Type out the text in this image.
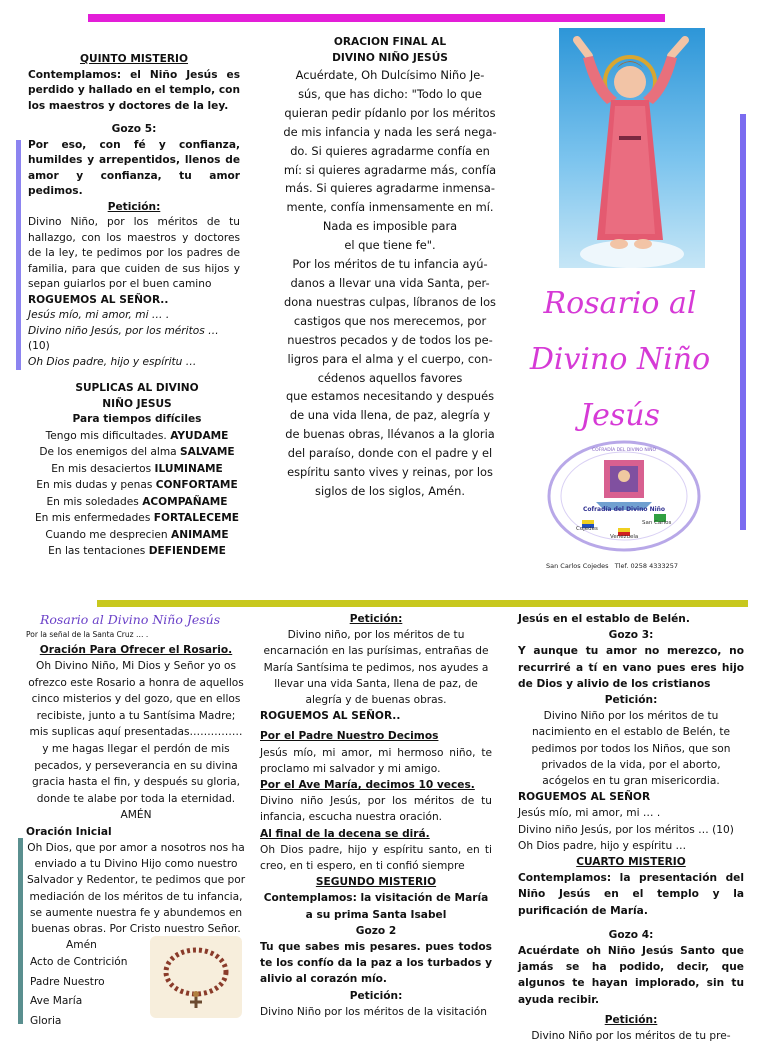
QUINTO MISTERIO
Contemplamos: el Niño Jesús es perdido y hallado en el templo, con los maestros y doctores de la ley.
Gozo 5:
Por eso, con fé y confianza, humildes y arrepentidos, llenos de amor y confianza, tu amor pedimos.
Petición:
Divino Niño, por los méritos de tu hallazgo, con los maestros y doctores de la ley, te pedimos por los padres de familia, para que cuiden de sus hijos y sepan guiarlos por el buen camino
ROGUEMOS AL SEÑOR..
Jesús mío, mi amor, mi … .
Divino niño Jesús, por los méritos …
(10)
Oh Dios padre, hijo y espíritu …
SUPLICAS AL DIVINO
NIÑO JESUS
Para tiempos difíciles
Tengo mis dificultades. AYUDAME
De los enemigos del alma SALVAME
En mis desaciertos ILUMINAME
En mis dudas y penas CONFORTAME
En mis soledades ACOMPAÑAME
En mis enfermedades FORTALECEME
Cuando me desprecien ANIMAME
En las tentaciones DEFIENDEME
ORACION FINAL AL
DIVINO NIÑO JESÚS
Acuérdate, Oh Dulcísimo Niño Je-
sús, que has dicho: "Todo lo que
quieran pedir pídanlo por los méritos
de mis infancia y nada les será nega-
do. Si quieres agradarme confía en
mí: si quieres agradarme más, confía
más. Si quieres agradarme inmensa-
mente, confía inmensamente en mí.
Nada es imposible para
el que tiene fe".
Por los méritos de tu infancia ayú-
danos a llevar una vida Santa, per-
dona nuestras culpas, líbranos de los
castigos que nos merecemos, por
nuestros pecados y de todos los pe-
ligros para el alma y el cuerpo, con-
cédenos aquellos favores
que estamos necesitando y después
de una vida llena, de paz, alegría y
de buenas obras, llévanos a la gloria
del paraíso, donde con el padre y el
espíritu santo vives y reinas, por los
siglos de los siglos, Amén.
Rosario al
Divino Niño
Jesús
COFRADÍA DEL DIVINO NIÑO
Cofradía del Divino Niño
Cojedes
San Carlos
Venezuela
San Carlos Cojedes   Tlef. 0258 4333257
Rosario al Divino Niño Jesús
Por la señal de la Santa Cruz … .
Oración Para Ofrecer el Rosario.
Oh Divino Niño, Mi Dios y Señor yo os ofrezco este Rosario a honra de aquellos cinco misterios y del gozo, que en ellos recibiste, junto a tu Santísima Madre; mis suplicas aquí presentadas…………… y me hagas llegar el perdón de mis pecados, y perseverancia en su divina gracia hasta el fin, y después su gloria, donde te alabe por toda la eternidad. AMÉN
Oración Inicial
Oh Dios, que por amor a nosotros nos ha enviado a tu Divino Hijo como nuestro Salvador y Redentor, te pedimos que por mediación de los méritos de tu infancia, se aumente nuestra fe y abundemos en buenas obras. Por Cristo nuestro Señor.
Amén
Acto de Contrición
Padre Nuestro
Ave María
Gloria
Petición:
Divino niño, por los méritos de tu encarnación en las purísimas, entrañas de María Santísima te pedimos, nos ayudes a llevar una vida Santa, llena de paz, de alegría y de buenas obras.
ROGUEMOS AL SEÑOR..
Por el Padre Nuestro Decimos
Jesús mío, mi amor, mi hermoso niño, te proclamo mi salvador y mi amigo.
Por el Ave María, decimos 10 veces.
Divino niño Jesús, por los méritos de tu infancia, escucha nuestra oración.
Al final de la decena se dirá.
Oh Dios padre, hijo y espíritu santo, en ti creo, en ti espero, en ti confió siempre
SEGUNDO MISTERIO
Contemplamos: la visitación de María a su prima Santa Isabel
Gozo 2
Tu que sabes mis pesares. pues todos te los confío da la paz a los turbados y alivio al corazón mío.
Petición:
Divino Niño por los méritos de la visitación
Jesús en el establo de Belén.
Gozo 3:
Y aunque tu amor no merezco, no recurriré a tí en vano pues eres hijo de Dios y alivio de los cristianos
Petición:
Divino Niño por los méritos de tu nacimiento en el establo de Belén, te pedimos por todos los Niños, que son privados de la vida, por el aborto, acógelos en tu gran misericordia.
ROGUEMOS AL SEÑOR
Jesús mío, mi amor, mi … .
Divino niño Jesús, por los méritos … (10)
Oh Dios padre, hijo y espíritu …
CUARTO MISTERIO
Contemplamos: la presentación del Niño Jesús en el templo y la purificación de María.
Gozo 4:
Acuérdate oh Niño Jesús Santo que jamás se ha podido, decir, que algunos te hayan implorado, sin tu ayuda recibir.
Petición:
Divino Niño por los méritos de tu pre-
